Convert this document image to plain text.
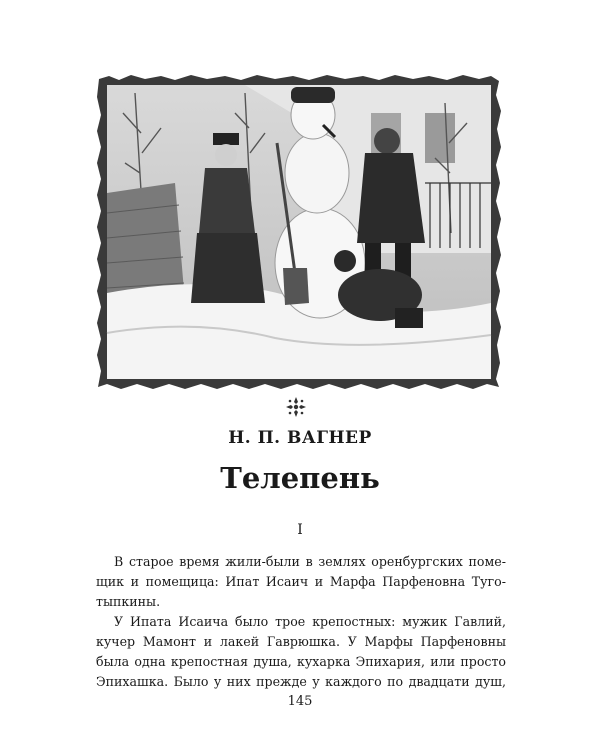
Н. П. ВАГНЕР
Телепень
I
В старое время жили-были в землях оренбургских поме-
щик и помещица: Ипат Исаич и Марфа Парфеновна Туго-
тыпкины.
У Ипата Исаича было трое крепостных: мужик Гавлий,
кучер Мамонт и лакей Гаврюшка. У Марфы Парфеновны
была одна крепостная душа, кухарка Эпихария, или просто
Эпихашка. Было у них прежде у каждого по двадцати душ,
145
